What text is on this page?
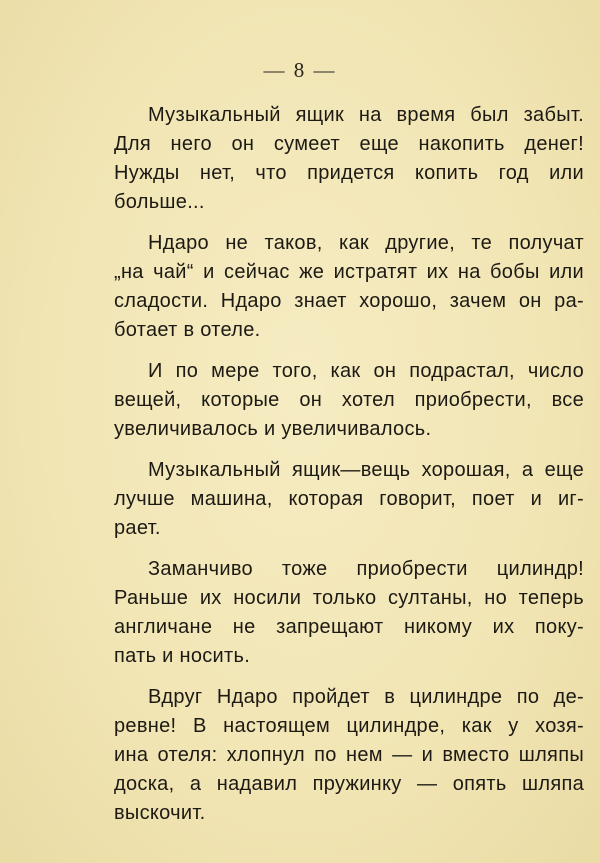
— 8 —
Музыкальный ящик на время был забыт.
Для него он сумеет еще накопить денег!
Нужды нет, что придется копить год или
больше...
Ндаро не таков, как другие, те получат
„на чай“ и сейчас же истратят их на бобы или
сладости. Ндаро знает хорошо, зачем он ра-
ботает в отеле.
И по мере того, как он подрастал, число
вещей, которые он хотел приобрести, все
увеличивалось и увеличивалось.
Музыкальный ящик—вещь хорошая, а еще
лучше машина, которая говорит, поет и иг-
рает.
Заманчиво тоже приобрести цилиндр!
Раньше их носили только султаны, но теперь
англичане не запрещают никому их поку-
пать и носить.
Вдруг Ндаро пройдет в цилиндре по де-
ревне! В настоящем цилиндре, как у хозя-
ина отеля: хлопнул по нем — и вместо шляпы
доска, а надавил пружинку — опять шляпа
выскочит.
